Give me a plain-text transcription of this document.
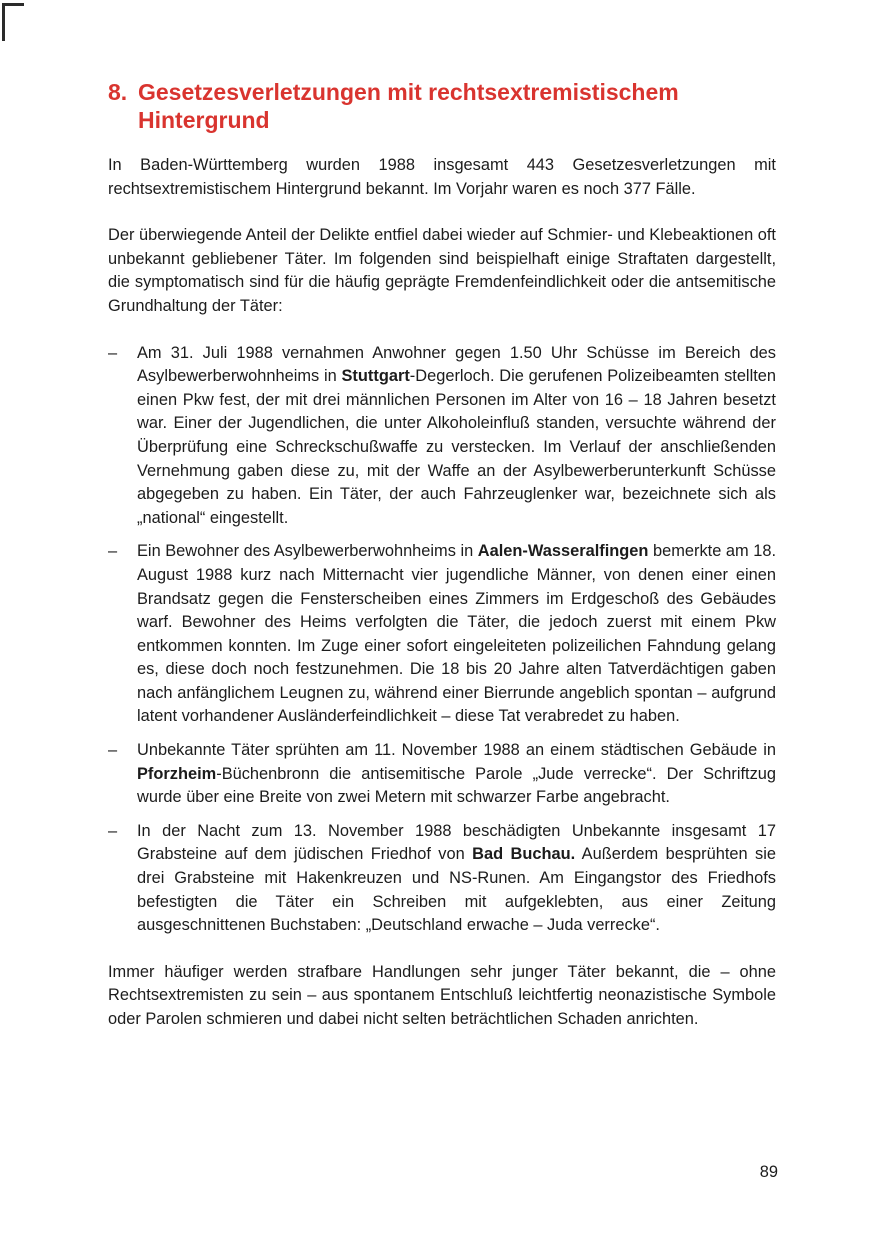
8. Gesetzesverletzungen mit rechtsextremistischem Hintergrund

In Baden-Württemberg wurden 1988 insgesamt 443 Gesetzesverletzungen mit rechtsextremistischem Hintergrund bekannt. Im Vorjahr waren es noch 377 Fälle.

Der überwiegende Anteil der Delikte entfiel dabei wieder auf Schmier- und Klebeaktionen oft unbekannt gebliebener Täter. Im folgenden sind beispielhaft einige Straftaten dargestellt, die symptomatisch sind für die häufig geprägte Fremdenfeindlichkeit oder die antsemitische Grundhaltung der Täter:

– Am 31. Juli 1988 vernahmen Anwohner gegen 1.50 Uhr Schüsse im Bereich des Asylbewerberwohnheims in Stuttgart-Degerloch. Die gerufenen Polizeibeamten stellten einen Pkw fest, der mit drei männlichen Personen im Alter von 16 – 18 Jahren besetzt war. Einer der Jugendlichen, die unter Alkoholeinfluß standen, versuchte während der Überprüfung eine Schreckschußwaffe zu verstecken. Im Verlauf der anschließenden Vernehmung gaben diese zu, mit der Waffe an der Asylbewerberunterkunft Schüsse abgegeben zu haben. Ein Täter, der auch Fahrzeuglenker war, bezeichnete sich als „national“ eingestellt.
– Ein Bewohner des Asylbewerberwohnheims in Aalen-Wasseralfingen bemerkte am 18. August 1988 kurz nach Mitternacht vier jugendliche Männer, von denen einer einen Brandsatz gegen die Fensterscheiben eines Zimmers im Erdgeschoß des Gebäudes warf. Bewohner des Heims verfolgten die Täter, die jedoch zuerst mit einem Pkw entkommen konnten. Im Zuge einer sofort eingeleiteten polizeilichen Fahndung gelang es, diese doch noch festzunehmen. Die 18 bis 20 Jahre alten Tatverdächtigen gaben nach anfänglichem Leugnen zu, während einer Bierrunde angeblich spontan – aufgrund latent vorhandener Ausländerfeindlichkeit – diese Tat verabredet zu haben.
– Unbekannte Täter sprühten am 11. November 1988 an einem städtischen Gebäude in Pforzheim-Büchenbronn die antisemitische Parole „Jude verrecke“. Der Schriftzug wurde über eine Breite von zwei Metern mit schwarzer Farbe angebracht.
– In der Nacht zum 13. November 1988 beschädigten Unbekannte insgesamt 17 Grabsteine auf dem jüdischen Friedhof von Bad Buchau. Außerdem besprühten sie drei Grabsteine mit Hakenkreuzen und NS-Runen. Am Eingangstor des Friedhofs befestigten die Täter ein Schreiben mit aufgeklebten, aus einer Zeitung ausgeschnittenen Buchstaben: „Deutschland erwache – Juda verrecke“.

Immer häufiger werden strafbare Handlungen sehr junger Täter bekannt, die – ohne Rechtsextremisten zu sein – aus spontanem Entschluß leichtfertig neonazistische Symbole oder Parolen schmieren und dabei nicht selten beträchtlichen Schaden anrichten.

89
